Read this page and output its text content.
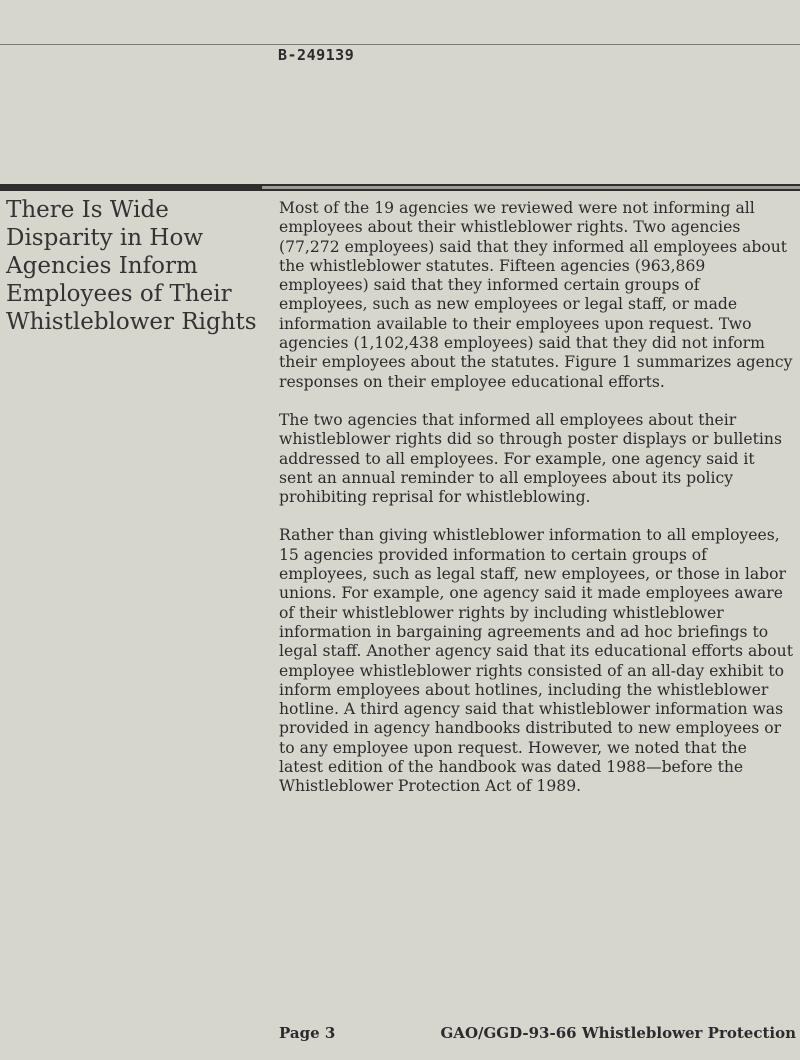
B-249139
There Is Wide
Disparity in How
Agencies Inform
Employees of Their
Whistleblower Rights

Most of the 19 agencies we reviewed were not informing all employees about their whistleblower rights. Two agencies (77,272 employees) said that they informed all employees about the whistleblower statutes. Fifteen agencies (963,869 employees) said that they informed certain groups of employees, such as new employees or legal staff, or made information available to their employees upon request. Two agencies (1,102,438 employees) said that they did not inform their employees about the statutes. Figure 1 summarizes agency responses on their employee educational efforts.

The two agencies that informed all employees about their whistleblower rights did so through poster displays or bulletins addressed to all employees. For example, one agency said it sent an annual reminder to all employees about its policy prohibiting reprisal for whistleblowing.

Rather than giving whistleblower information to all employees, 15 agencies provided information to certain groups of employees, such as legal staff, new employees, or those in labor unions. For example, one agency said it made employees aware of their whistleblower rights by including whistleblower information in bargaining agreements and ad hoc briefings to legal staff. Another agency said that its educational efforts about employee whistleblower rights consisted of an all-day exhibit to inform employees about hotlines, including the whistleblower hotline. A third agency said that whistleblower information was provided in agency handbooks distributed to new employees or to any employee upon request. However, we noted that the latest edition of the handbook was dated 1988—before the Whistleblower Protection Act of 1989.

Page 3	GAO/GGD-93-66 Whistleblower Protection
